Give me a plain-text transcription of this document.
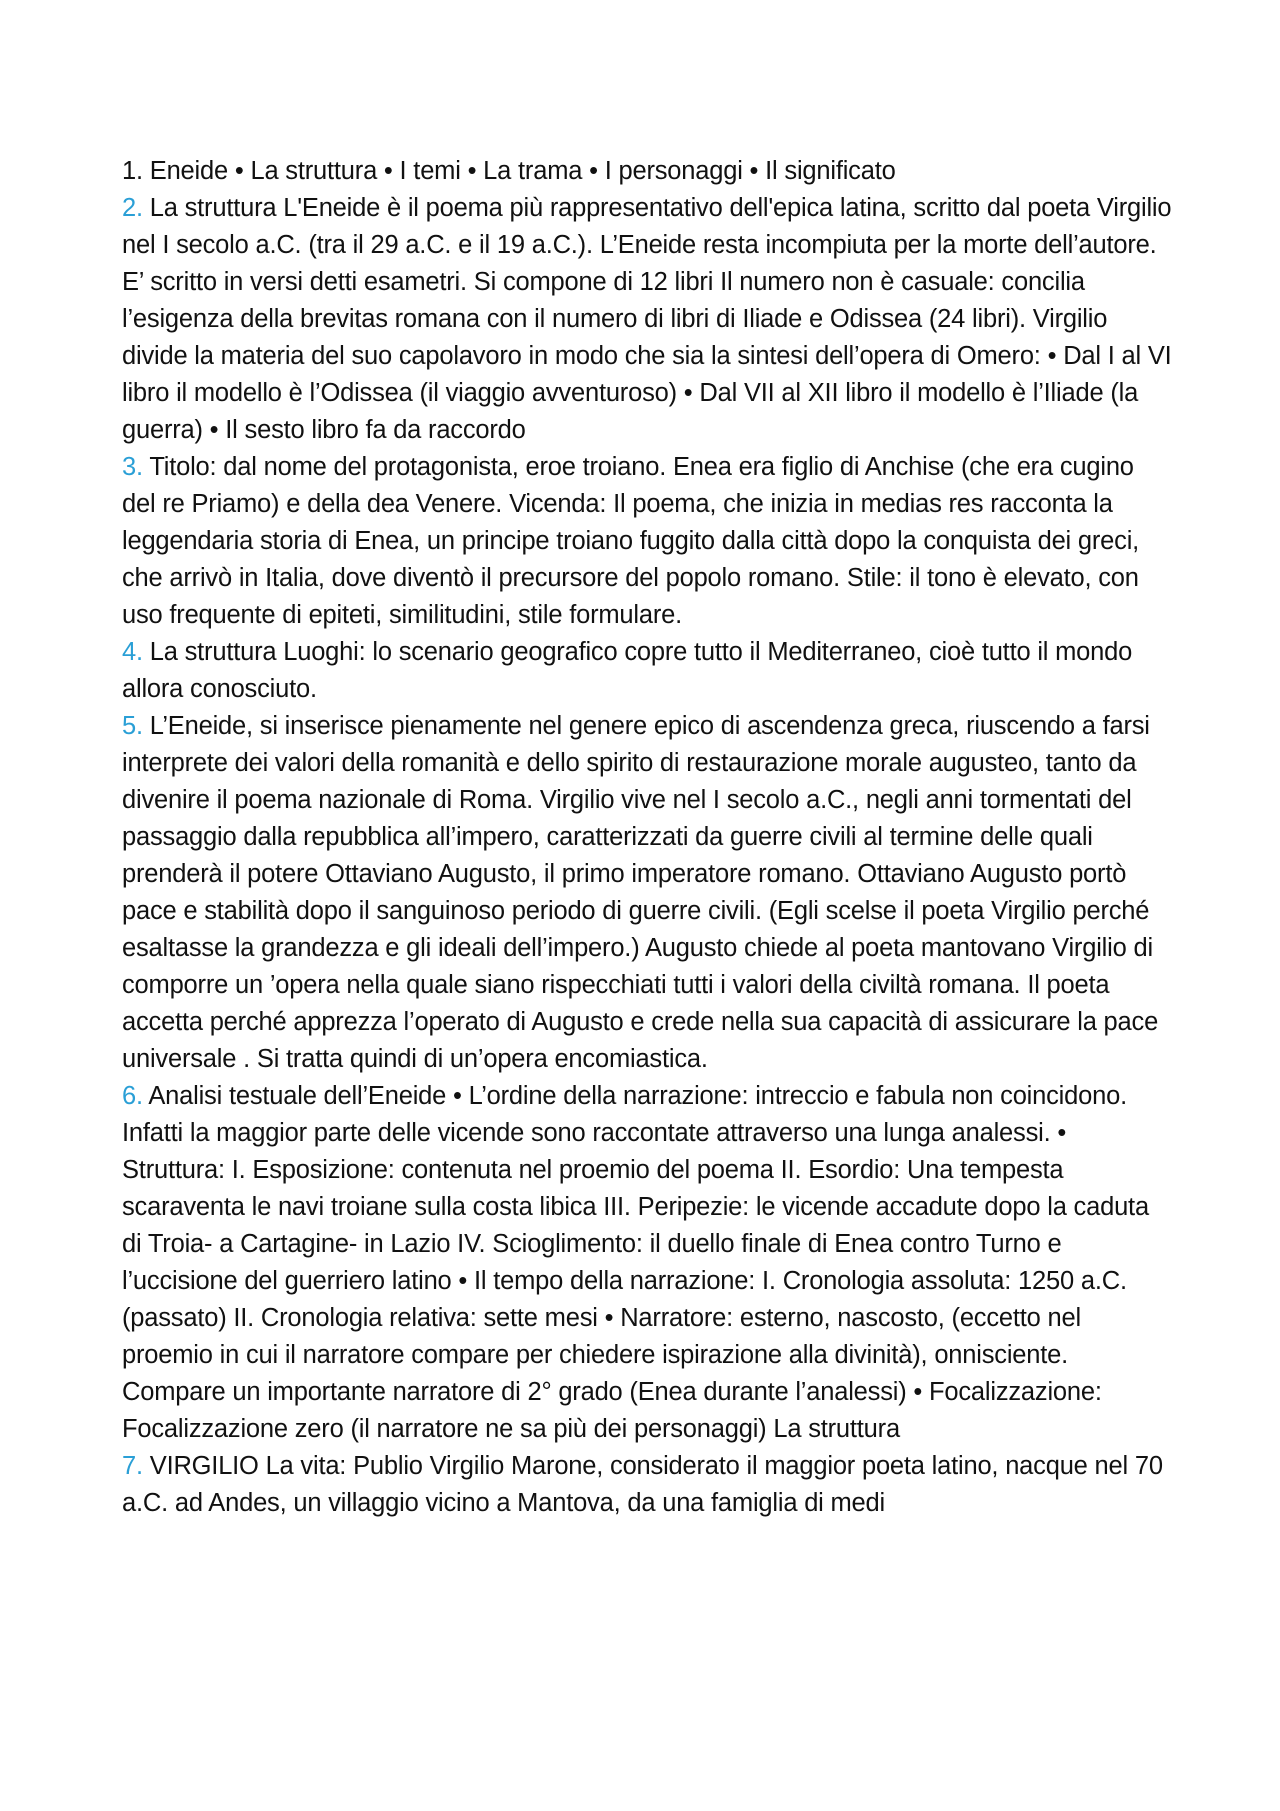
1. Eneide • La struttura • I temi • La trama • I personaggi • Il significato

2. La struttura L'Eneide è il poema più rappresentativo dell'epica latina, scritto dal poeta Virgilio nel I secolo a.C. (tra il 29 a.C. e il 19 a.C.). L’Eneide resta incompiuta per la morte dell’autore. E’ scritto in versi detti esametri. Si compone di 12 libri Il numero non è casuale: concilia l’esigenza della brevitas romana con il numero di libri di Iliade e Odissea (24 libri). Virgilio divide la materia del suo capolavoro in modo che sia la sintesi dell’opera di Omero: • Dal I al VI libro il modello è l’Odissea (il viaggio avventuroso) • Dal VII al XII libro il modello è l’Iliade (la guerra) • Il sesto libro fa da raccordo

3. Titolo: dal nome del protagonista, eroe troiano. Enea era figlio di Anchise (che era cugino del re Priamo) e della dea Venere. Vicenda: Il poema, che inizia in medias res racconta la leggendaria storia di Enea, un principe troiano fuggito dalla città dopo la conquista dei greci, che arrivò in Italia, dove diventò il precursore del popolo romano. Stile: il tono è elevato, con uso frequente di epiteti, similitudini, stile formulare.

4. La struttura Luoghi: lo scenario geografico copre tutto il Mediterraneo, cioè tutto il mondo allora conosciuto.

5. L’Eneide, si inserisce pienamente nel genere epico di ascendenza greca, riuscendo a farsi interprete dei valori della romanità e dello spirito di restaurazione morale augusteo, tanto da divenire il poema nazionale di Roma. Virgilio vive nel I secolo a.C., negli anni tormentati del passaggio dalla repubblica all’impero, caratterizzati da guerre civili al termine delle quali prenderà il potere Ottaviano Augusto, il primo imperatore romano. Ottaviano Augusto portò pace e stabilità dopo il sanguinoso periodo di guerre civili. (Egli scelse il poeta Virgilio perché esaltasse la grandezza e gli ideali dell’impero.) Augusto chiede al poeta mantovano Virgilio di comporre un ’opera nella quale siano rispecchiati tutti i valori della civiltà romana. Il poeta accetta perché apprezza l’operato di Augusto e crede nella sua capacità di assicurare la pace universale . Si tratta quindi di un’opera encomiastica.

6. Analisi testuale dell’Eneide • L’ordine della narrazione: intreccio e fabula non coincidono. Infatti la maggior parte delle vicende sono raccontate attraverso una lunga analessi. • Struttura: I. Esposizione: contenuta nel proemio del poema II. Esordio: Una tempesta scaraventa le navi troiane sulla costa libica III. Peripezie: le vicende accadute dopo la caduta di Troia- a Cartagine- in Lazio IV. Scioglimento: il duello finale di Enea contro Turno e l’uccisione del guerriero latino • Il tempo della narrazione: I. Cronologia assoluta: 1250 a.C. (passato) II. Cronologia relativa: sette mesi • Narratore: esterno, nascosto, (eccetto nel proemio in cui il narratore compare per chiedere ispirazione alla divinità), onnisciente. Compare un importante narratore di 2° grado (Enea durante l’analessi) • Focalizzazione: Focalizzazione zero (il narratore ne sa più dei personaggi) La struttura

7. VIRGILIO La vita: Publio Virgilio Marone, considerato il maggior poeta latino, nacque nel 70 a.C. ad Andes, un villaggio vicino a Mantova, da una famiglia di medi
